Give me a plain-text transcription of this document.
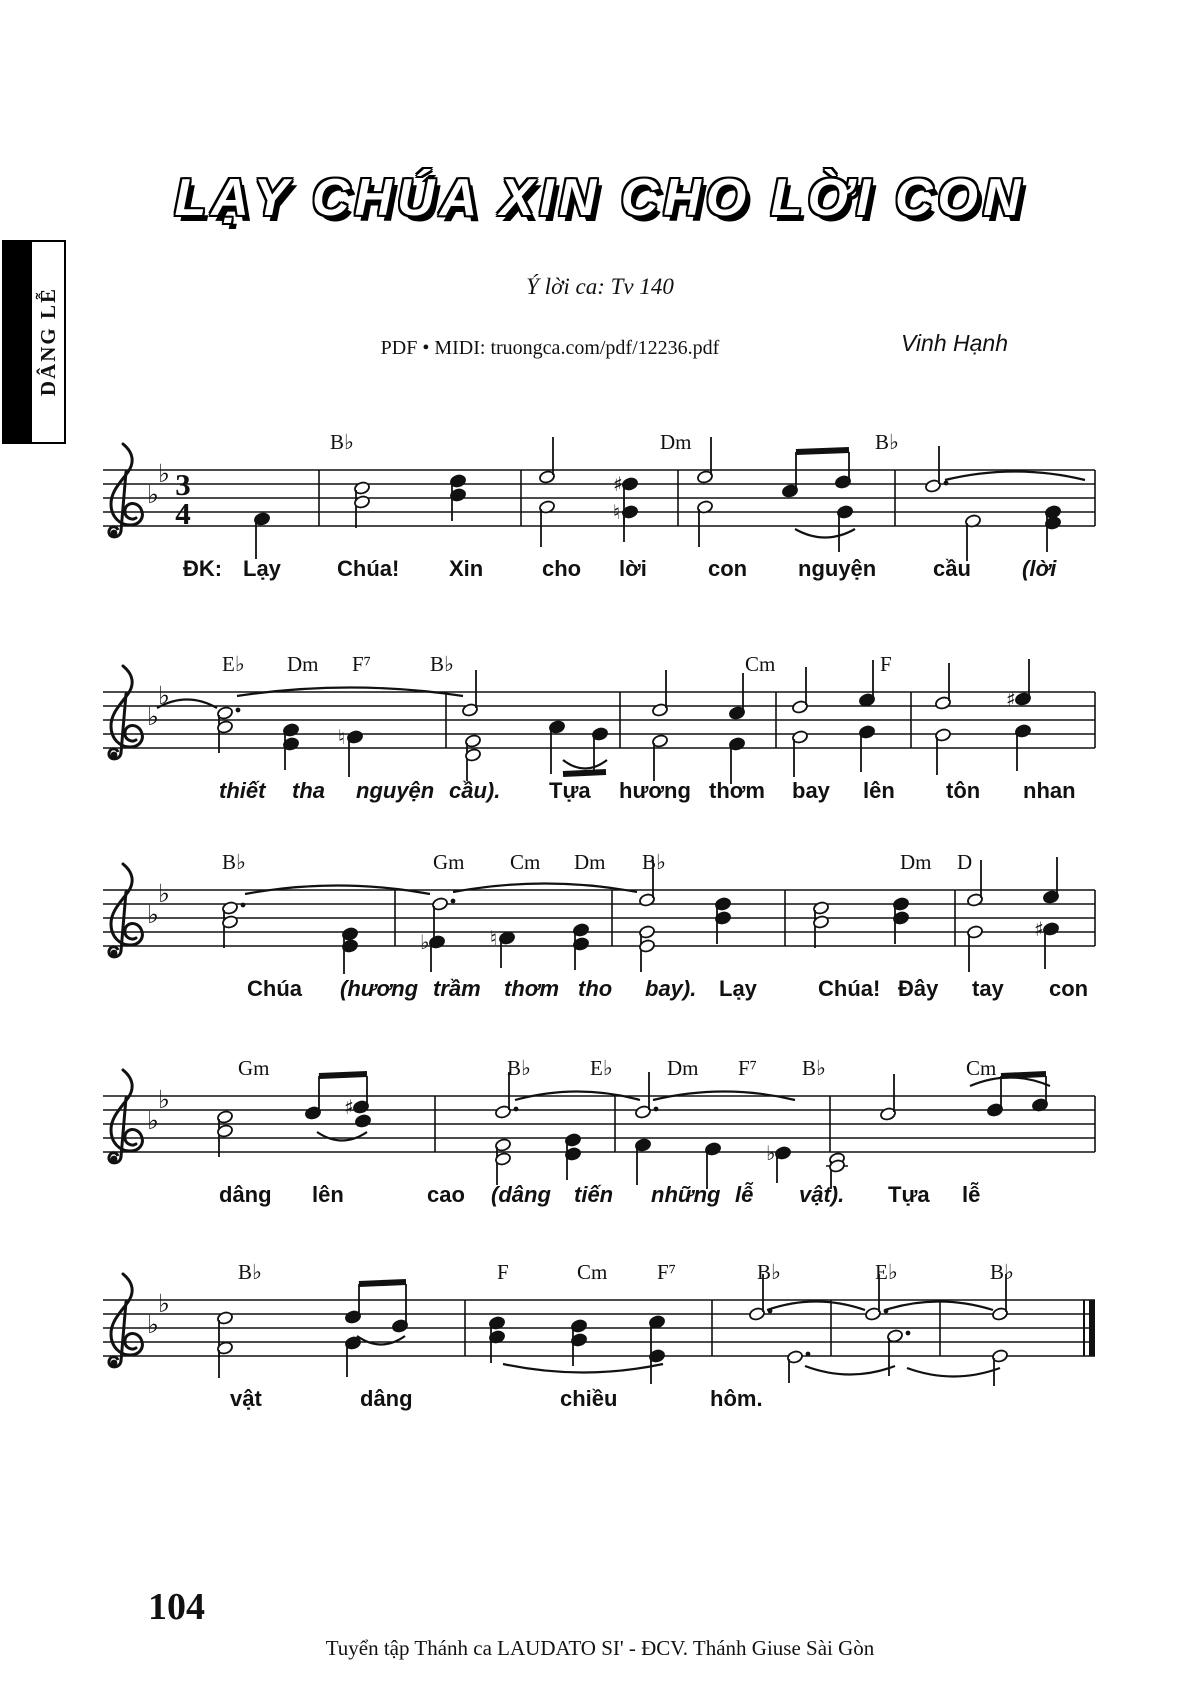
DÂNG LỄ
LẠY CHÚA XIN CHO LỜI CON
Ý lời ca: Tv 140
PDF • MIDI: truongca.com/pdf/12236.pdf	Vinh Hạnh
♭
♭ 3
4
♯
♮
B♭	Dm	B♭
ĐK: Lạy	Chúa! Xin	cho lời	con nguyện	cầu (lời
♭
♭
♮
♯
E♭ Dm F⁷	B♭	Cm	F
thiết tha nguyện cầu). Tựa hương thơm bay lên tôn nhan
♭
♭
♭	♮	♯
B♭	Gm Cm Dm B♭	Dm D
Chúa (hương trầm thơm tho bay). Lạy	Chúa! Đây tay con
♭
♭	♯
♭
Gm	B♭	E♭	Dm F⁷ B♭	Cm
dâng lên	cao (dâng tiến những lễ vật). Tựa lễ
♭
♭
B♭	F	Cm F⁷	B♭	E♭	B♭
vật	dâng	chiều	hôm.
104
Tuyển tập Thánh ca LAUDATO SI' - ĐCV. Thánh Giuse Sài Gòn
